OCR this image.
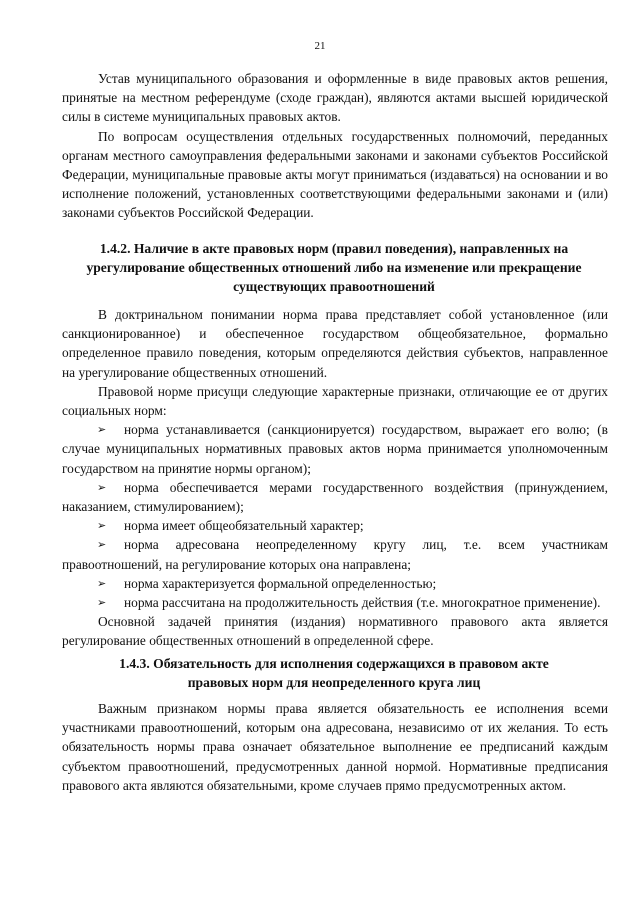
21

Устав муниципального образования и оформленные в виде правовых актов решения, принятые на местном референдуме (сходе граждан), являются актами высшей юридической силы в системе муниципальных правовых актов.

По вопросам осуществления отдельных государственных полномочий, переданных органам местного самоуправления федеральными законами и законами субъектов Российской Федерации, муниципальные правовые акты могут приниматься (издаваться) на основании и во исполнение положений, установленных соответствующими федеральными законами и (или) законами субъектов Российской Федерации.

1.4.2. Наличие в акте правовых норм (правил поведения), направленных на урегулирование общественных отношений либо на изменение или прекращение существующих правоотношений

В доктринальном понимании норма права представляет собой установленное (или санкционированное) и обеспеченное государством общеобязательное, формально определенное правило поведения, которым определяются действия субъектов, направленное на урегулирование общественных отношений.

Правовой норме присущи следующие характерные признаки, отличающие ее от других социальных норм:

➢ норма устанавливается (санкционируется) государством, выражает его волю; (в случае муниципальных нормативных правовых актов норма принимается уполномоченным государством на принятие нормы органом);

➢ норма обеспечивается мерами государственного воздействия (принуждением, наказанием, стимулированием);

➢ норма имеет общеобязательный характер;

➢ норма адресована неопределенному кругу лиц, т.е. всем участникам правоотношений, на регулирование которых она направлена;

➢ норма характеризуется формальной определенностью;

➢ норма рассчитана на продолжительность действия (т.е. многократное применение).

Основной задачей принятия (издания) нормативного правового акта является регулирование общественных отношений в определенной сфере.

1.4.3. Обязательность для исполнения содержащихся в правовом акте правовых норм для неопределенного круга лиц

Важным признаком нормы права является обязательность ее исполнения всеми участниками правоотношений, которым она адресована, независимо от их желания. То есть обязательность нормы права означает обязательное выполнение ее предписаний каждым субъектом правоотношений, предусмотренных данной нормой. Нормативные предписания правового акта являются обязательными, кроме случаев прямо предусмотренных актом.
